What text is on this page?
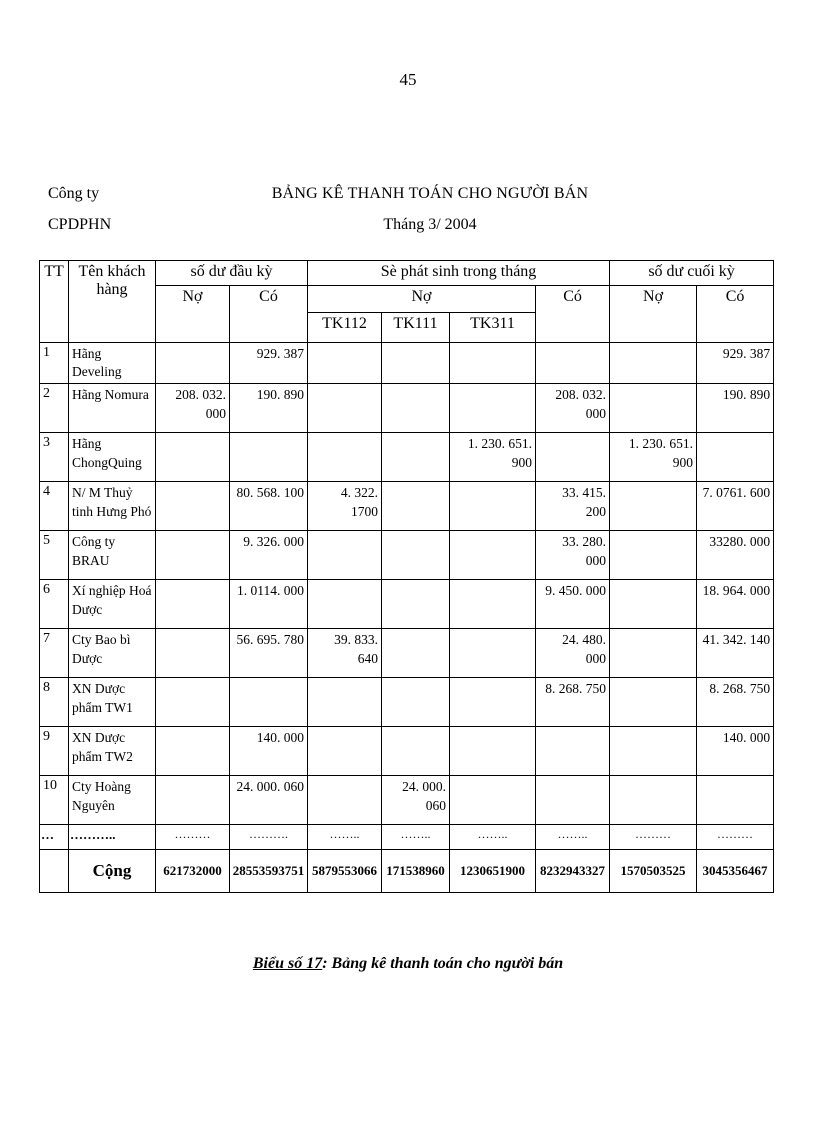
45
Công ty
CPDPHN
BẢNG KÊ THANH TOÁN CHO NGƯỜI BÁN
Tháng 3/ 2004
TT	Tên khách hàng	số dư đầu kỳ		Sè phát sinh trong tháng				số dư cuối kỳ	
		Nợ	Có	Nợ			Có	Nợ	Có
				TK112	TK111	TK311			
1	Hãng Develing		929. 387						929. 387
2	Hãng Nomura	208. 032. 000	190. 890				208. 032. 000		190. 890
3	Hãng ChongQuing					1. 230. 651. 900		1. 230. 651. 900	
4	N/ M Thuỷ tinh Hưng Phó		80. 568. 100	4. 322. 1700			33. 415. 200		7. 0761. 600
5	Công ty BRAU		9. 326. 000				33. 280. 000		33280. 000
6	Xí nghiệp Hoá Dược		1. 0114. 000				9. 450. 000		18. 964. 000
7	Cty Bao bì Dược		56. 695. 780	39. 833. 640			24. 480. 000		41. 342. 140
8	XN Dược phẩm TW1						8. 268. 750		8. 268. 750
9	XN Dược phẩm TW2		140. 000						140. 000
10	Cty Hoàng Nguyên		24. 000. 060		24. 000. 060				
…	………..	………	……….	……..	……..	……..	……..	………	………
	Cộng	621732000	28553593751	5879553066	171538960	1230651900	8232943327	1570503525	3045356467
Biểu số 17: Bảng kê thanh toán cho người bán
